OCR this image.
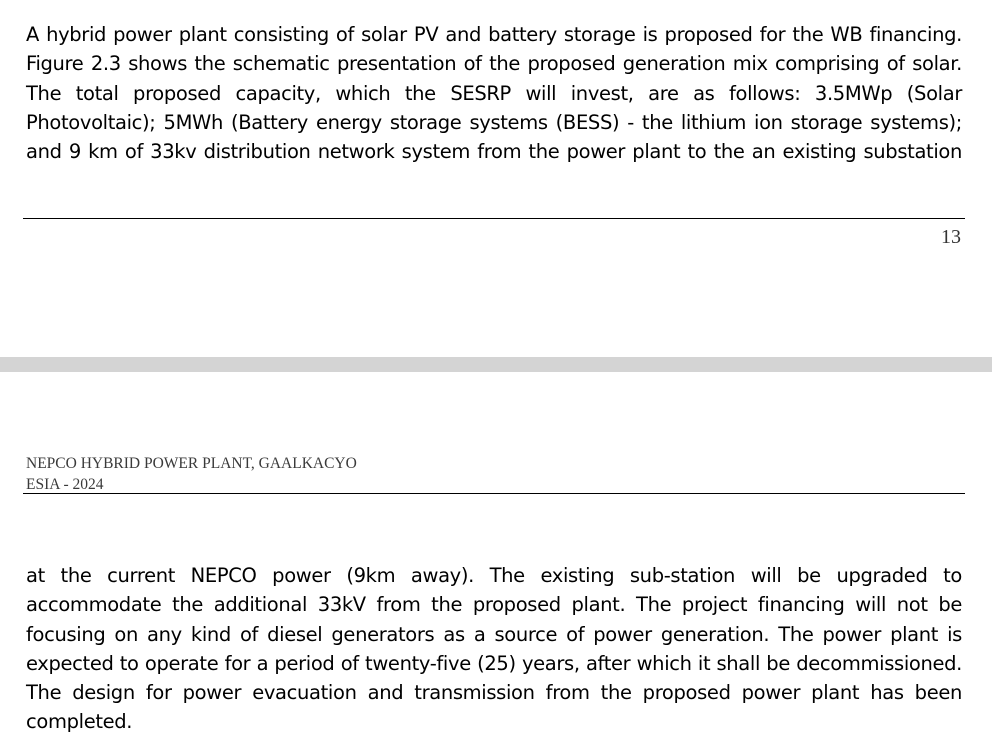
A hybrid power plant consisting of solar PV and battery storage is proposed for the WB financing. Figure 2.3 shows the schematic presentation of the proposed generation mix comprising of solar. The total proposed capacity, which the SESRP will invest, are as follows: 3.5MWp (Solar Photovoltaic); 5MWh (Battery energy storage systems (BESS) - the lithium ion storage systems); and 9 km of 33kv distribution network system from the power plant to the an existing substation

13
NEPCO HYBRID POWER PLANT, GAALKACYO
ESIA - 2024

at the current NEPCO power (9km away). The existing sub-station will be upgraded to accommodate the additional 33kV from the proposed plant. The project financing will not be focusing on any kind of diesel generators as a source of power generation. The power plant is expected to operate for a period of twenty-five (25) years, after which it shall be decommissioned. The design for power evacuation and transmission from the proposed power plant has been completed.
